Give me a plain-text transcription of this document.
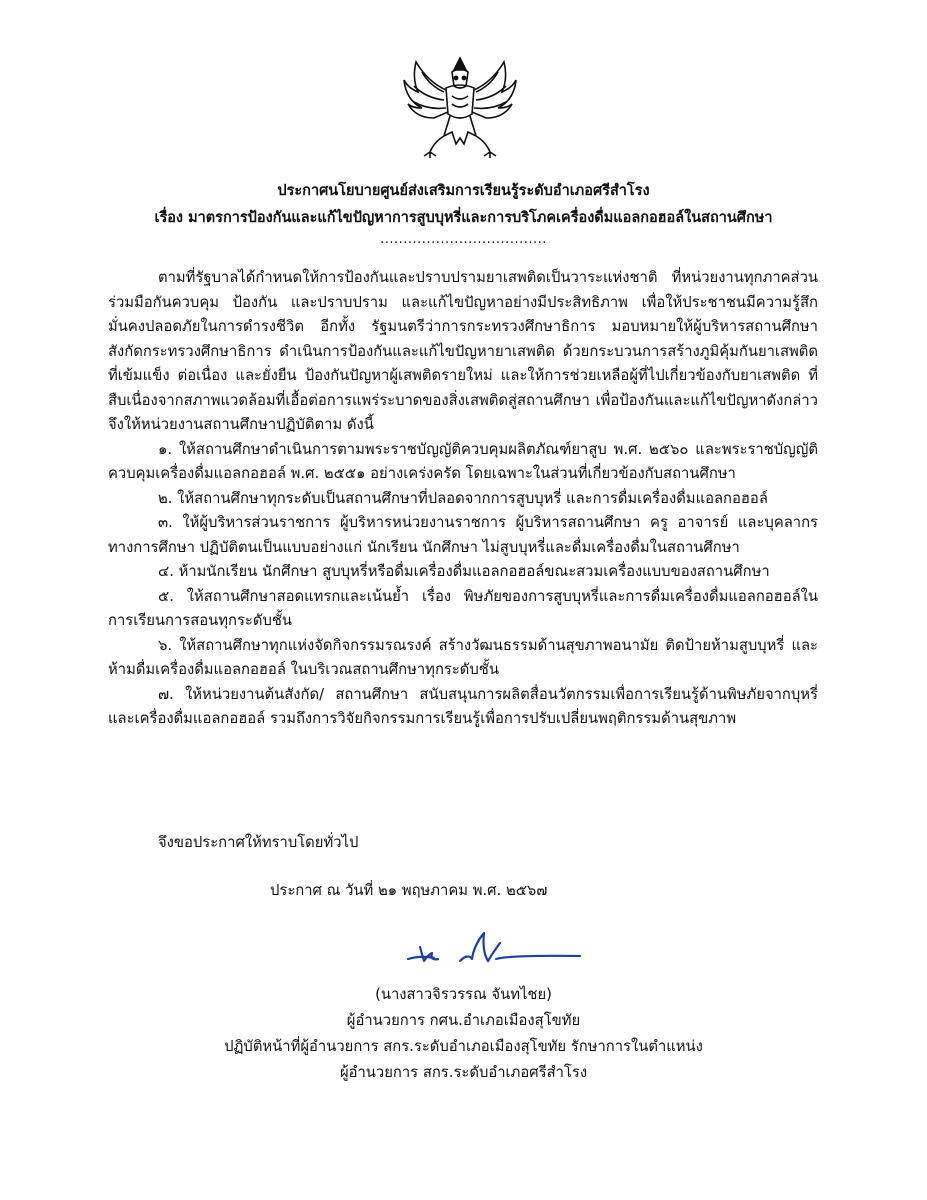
ประกาศนโยบายศูนย์ส่งเสริมการเรียนรู้ระดับอำเภอศรีสำโรง
เรื่อง มาตรการป้องกันและแก้ไขปัญหาการสูบบุหรี่และการบริโภคเครื่องดื่มแอลกอฮอล์ในสถานศึกษา
....................................

ตามที่รัฐบาลได้กำหนดให้การป้องกันและปราบปรามยาเสพติดเป็นวาระแห่งชาติ ที่หน่วยงานทุกภาคส่วนร่วมมือกันควบคุม ป้องกัน และปราบปราม และแก้ไขปัญหาอย่างมีประสิทธิภาพ เพื่อให้ประชาชนมีความรู้สึกมั่นคงปลอดภัยในการดำรงชีวิต อีกทั้ง รัฐมนตรีว่าการกระทรวงศึกษาธิการ มอบหมายให้ผู้บริหารสถานศึกษาสังกัดกระทรวงศึกษาธิการ ดำเนินการป้องกันและแก้ไขปัญหายาเสพติด ด้วยกระบวนการสร้างภูมิคุ้มกันยาเสพติดที่เข้มแข็ง ต่อเนื่อง และยั่งยืน ป้องกันปัญหาผู้เสพติดรายใหม่ และให้การช่วยเหลือผู้ที่ไปเกี่ยวข้องกับยาเสพติด ที่สืบเนื่องจากสภาพแวดล้อมที่เอื้อต่อการแพร่ระบาดของสิ่งเสพติดสู่สถานศึกษา เพื่อป้องกันและแก้ไขปัญหาดังกล่าว จึงให้หน่วยงานสถานศึกษาปฏิบัติตาม ดังนี้

๑. ให้สถานศึกษาดำเนินการตามพระราชบัญญัติควบคุมผลิตภัณฑ์ยาสูบ พ.ศ. ๒๕๖๐ และพระราชบัญญัติควบคุมเครื่องดื่มแอลกอฮอล์ พ.ศ. ๒๕๕๑ อย่างเคร่งครัด โดยเฉพาะในส่วนที่เกี่ยวข้องกับสถานศึกษา

๒. ให้สถานศึกษาทุกระดับเป็นสถานศึกษาที่ปลอดจากการสูบบุหรี่ และการดื่มเครื่องดื่มแอลกอฮอล์

๓. ให้ผู้บริหารส่วนราชการ ผู้บริหารหน่วยงานราชการ ผู้บริหารสถานศึกษา ครู อาจารย์ และบุคลากรทางการศึกษา ปฏิบัติตนเป็นแบบอย่างแก่ นักเรียน นักศึกษา ไม่สูบบุหรี่และดื่มเครื่องดื่มในสถานศึกษา

๔. ห้ามนักเรียน นักศึกษา สูบบุหรี่หรือดื่มเครื่องดื่มแอลกอฮอล์ขณะสวมเครื่องแบบของสถานศึกษา

๕. ให้สถานศึกษาสอดแทรกและเน้นย้ำ เรื่อง พิษภัยของการสูบบุหรี่และการดื่มเครื่องดื่มแอลกอฮอล์ในการเรียนการสอนทุกระดับชั้น

๖. ให้สถานศึกษาทุกแห่งจัดกิจกรรมรณรงค์ สร้างวัฒนธรรมด้านสุขภาพอนามัย ติดป้ายห้ามสูบบุหรี่ และห้ามดื่มเครื่องดื่มแอลกอฮอล์ ในบริเวณสถานศึกษาทุกระดับชั้น

๗. ให้หน่วยงานต้นสังกัด/ สถานศึกษา สนับสนุนการผลิตสื่อนวัตกรรมเพื่อการเรียนรู้ด้านพิษภัยจากบุหรี่และเครื่องดื่มแอลกอฮอล์ รวมถึงการวิจัยกิจกรรมการเรียนรู้เพื่อการปรับเปลี่ยนพฤติกรรมด้านสุขภาพ

จึงขอประกาศให้ทราบโดยทั่วไป
ประกาศ ณ วันที่ ๒๑ พฤษภาคม พ.ศ. ๒๕๖๗
(นางสาวจิรวรรณ จันทไชย)
ผู้อำนวยการ กศน.อำเภอเมืองสุโขทัย
ปฏิบัติหน้าที่ผู้อำนวยการ สกร.ระดับอำเภอเมืองสุโขทัย รักษาการในตำแหน่ง
ผู้อำนวยการ สกร.ระดับอำเภอศรีสำโรง
